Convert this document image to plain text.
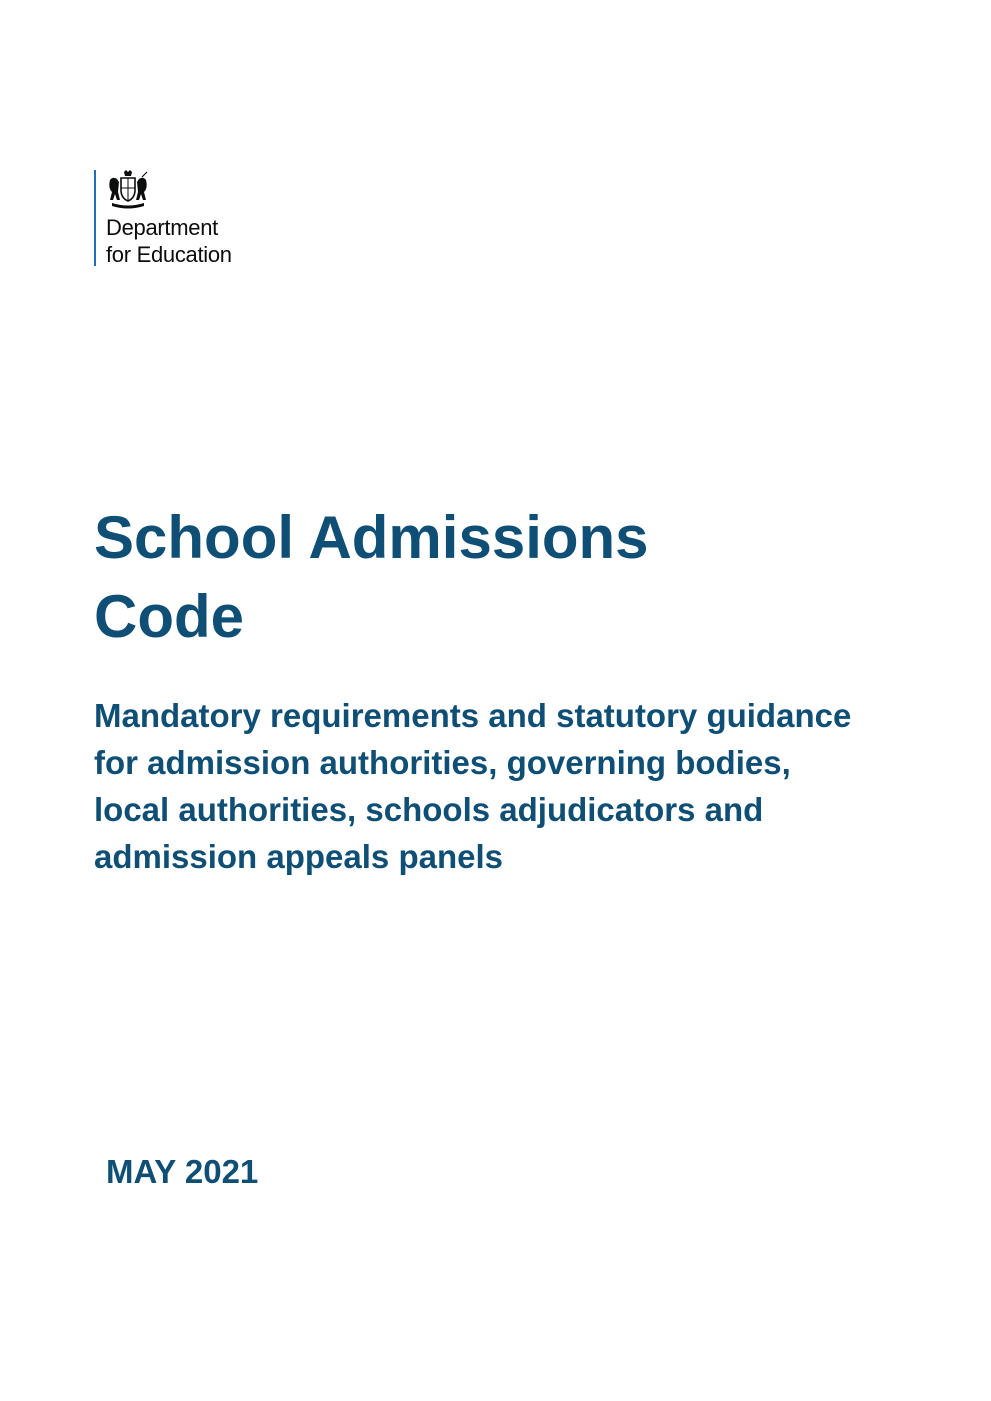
Department
for Education
School Admissions
Code
Mandatory requirements and statutory guidance for admission authorities, governing bodies, local authorities, schools adjudicators and admission appeals panels

MAY 2021
